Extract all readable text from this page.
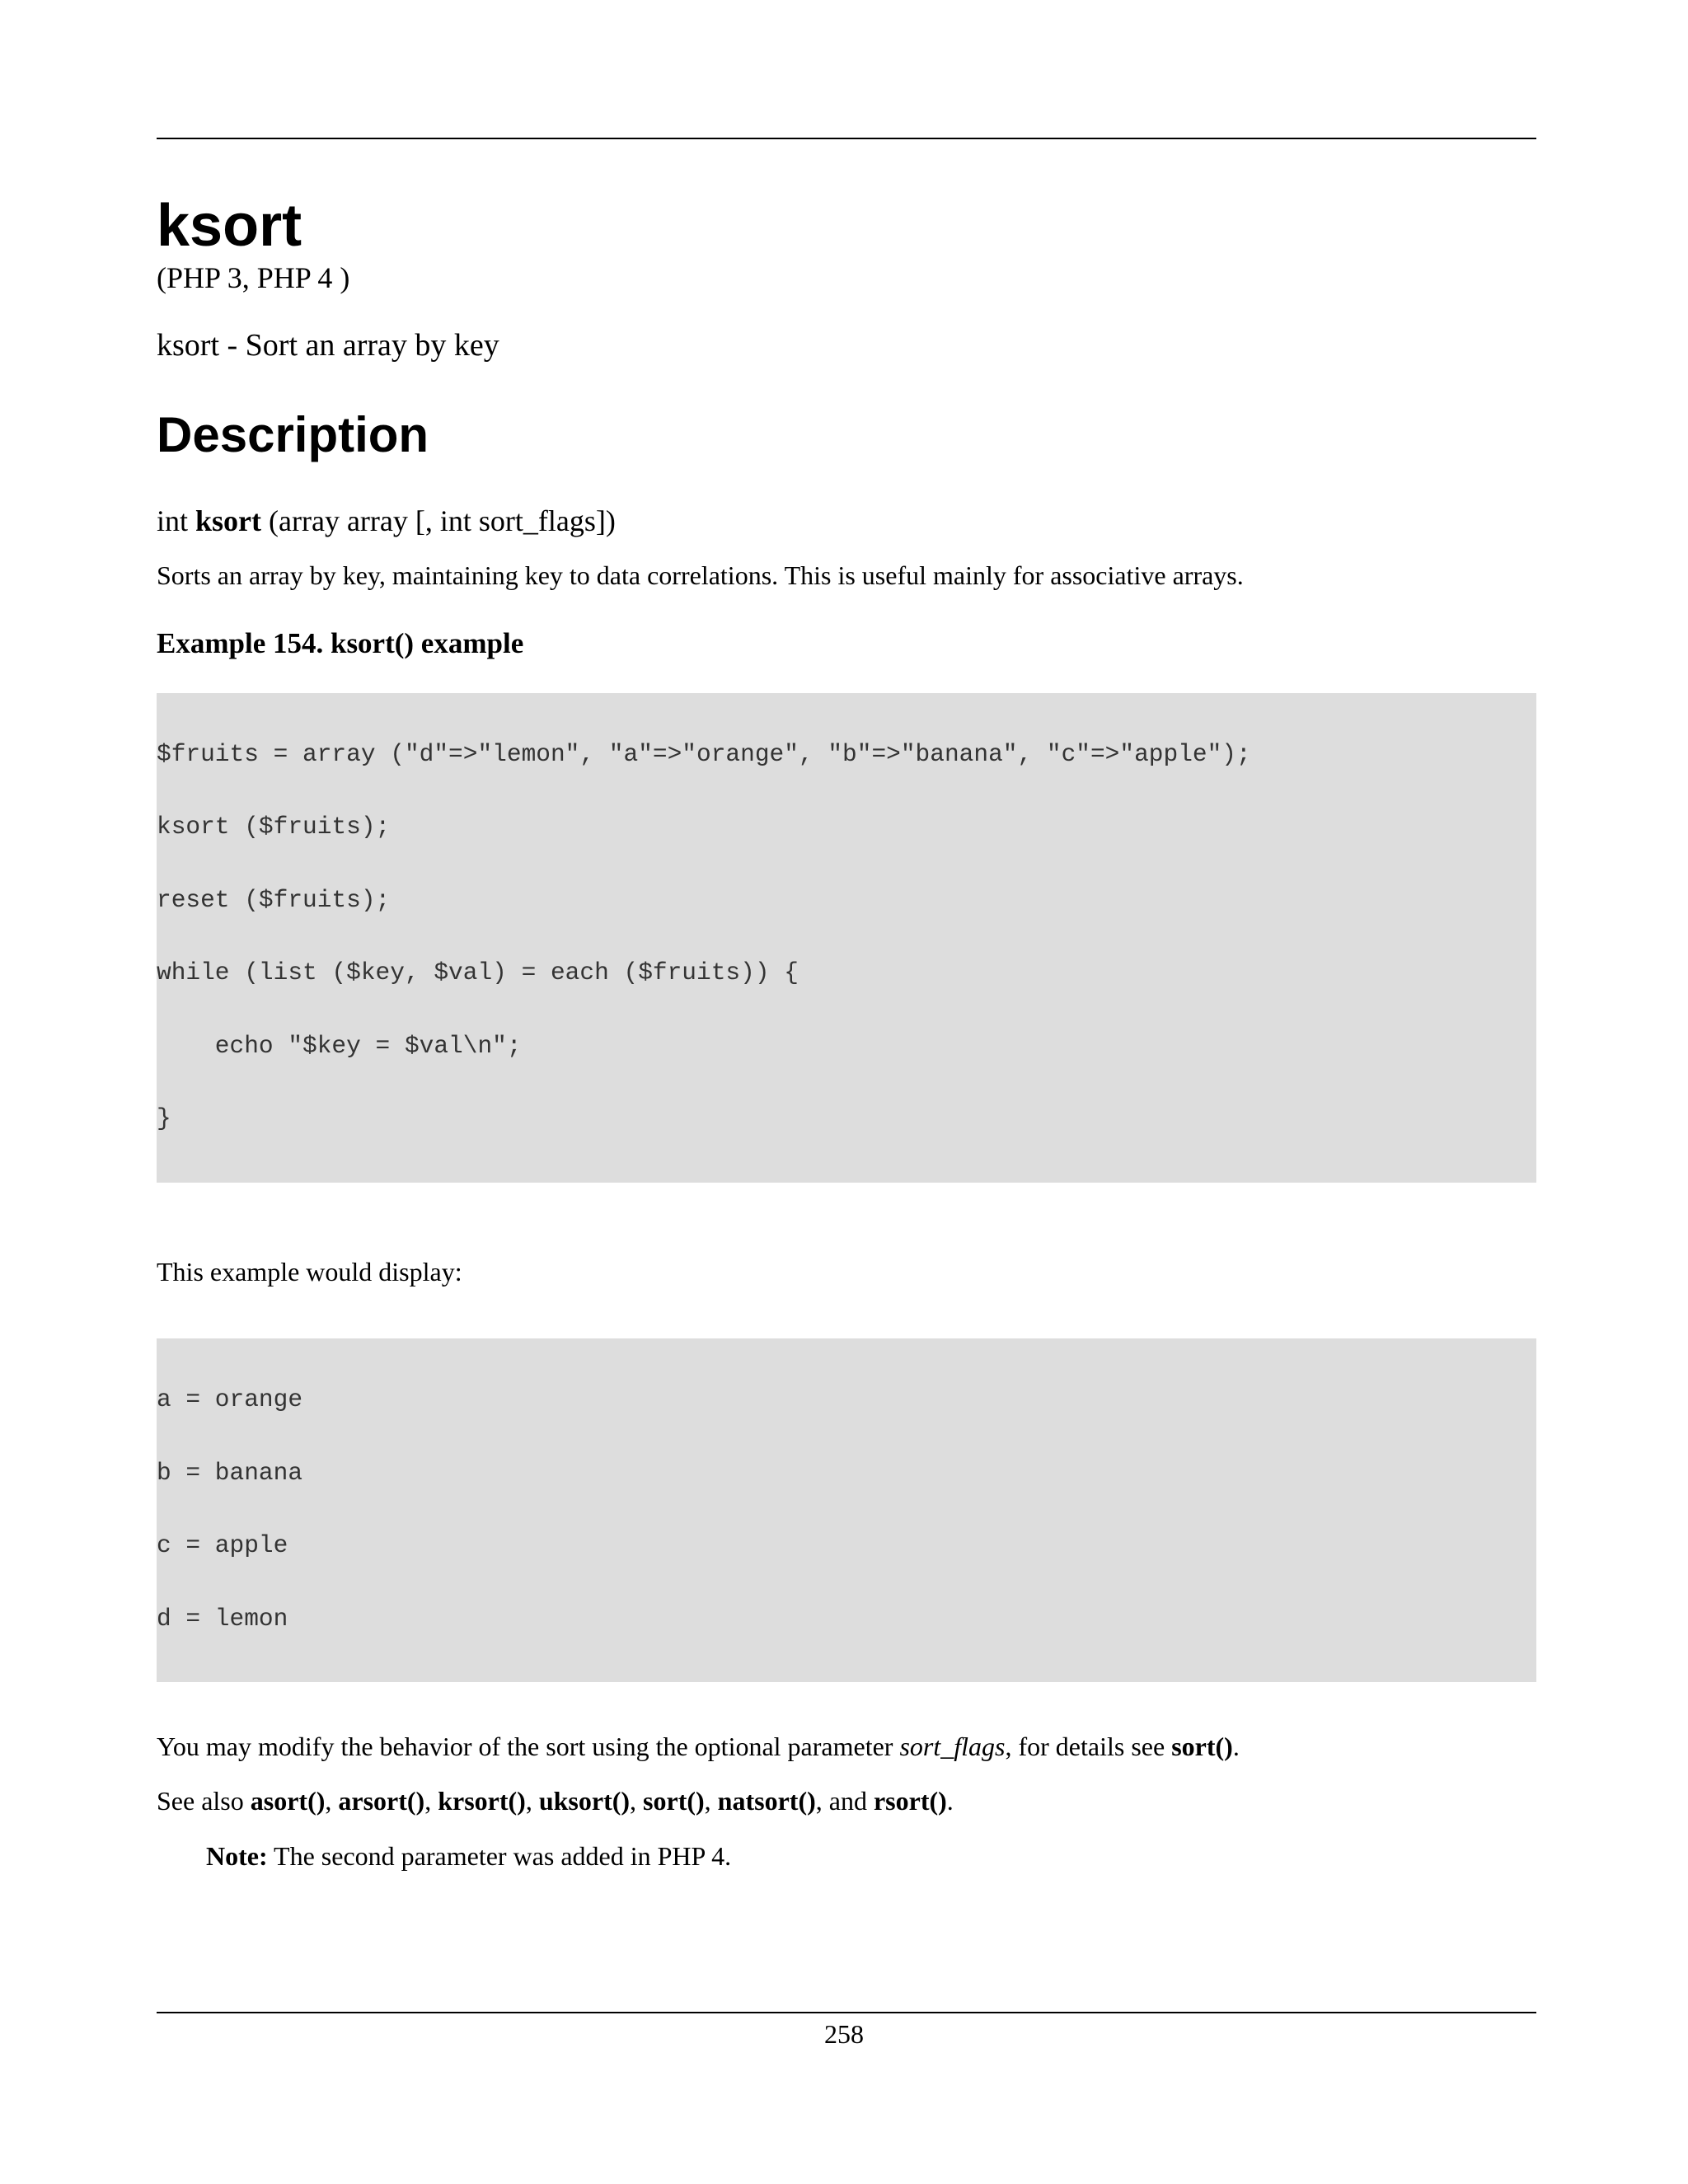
ksort

(PHP 3, PHP 4 )

ksort - Sort an array by key

Description

int ksort (array array [, int sort_flags])

Sorts an array by key, maintaining key to data correlations. This is useful mainly for associative arrays.

Example 154. ksort() example

$fruits = array ("d"=>"lemon", "a"=>"orange", "b"=>"banana", "c"=>"apple");

ksort ($fruits);

reset ($fruits);

while (list ($key, $val) = each ($fruits)) {

echo "$key = $val\n";

}

This example would display:

a = orange

b = banana

c = apple

d = lemon

You may modify the behavior of the sort using the optional parameter sort_flags, for details see sort().

See also asort(), arsort(), krsort(), uksort(), sort(), natsort(), and rsort().

Note: The second parameter was added in PHP 4.

258
